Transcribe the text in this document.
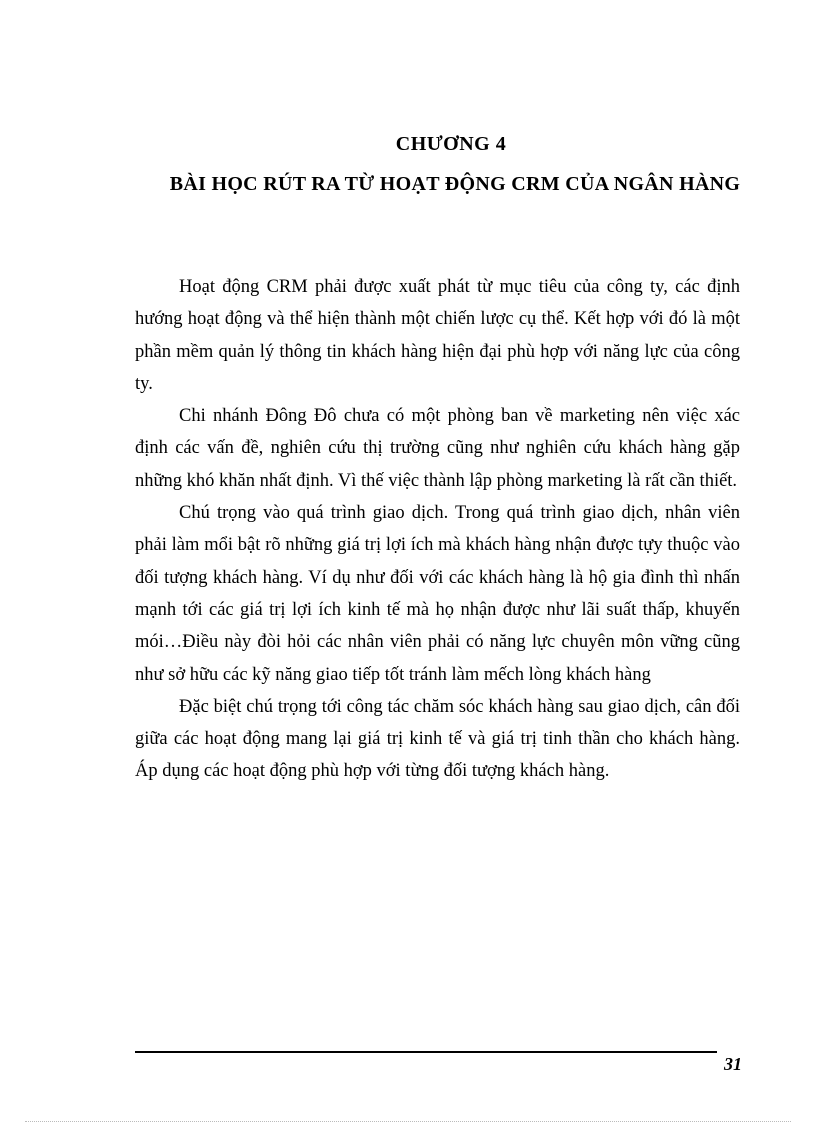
CHƯƠNG 4
BÀI HỌC RÚT RA TỪ HOẠT ĐỘNG CRM CỦA NGÂN HÀNG

Hoạt động CRM phải được xuất phát từ mục tiêu của công ty, các định hướng hoạt động và thể hiện thành một chiến lược cụ thể. Kết hợp với đó là một phần mềm quản lý thông tin khách hàng hiện đại phù hợp với năng lực của công ty.

Chi nhánh Đông Đô chưa có một phòng ban về marketing nên việc xác định các vấn đề, nghiên cứu thị trường cũng như nghiên cứu khách hàng gặp những khó khăn nhất định. Vì thế việc thành lập phòng marketing là rất cần thiết.

Chú trọng vào quá trình giao dịch. Trong quá trình giao dịch, nhân viên phải làm mổi bật rõ những giá trị lợi ích mà khách hàng nhận được tựy thuộc vào đối tượng khách hàng. Ví dụ như đối với các khách hàng là hộ gia đình thì nhấn mạnh tới các giá trị lợi ích kinh tế mà họ nhận được như lãi suất thấp, khuyến mói…Điều này đòi hỏi các nhân viên phải có năng lực chuyên môn vững cũng như sở hữu các kỹ năng giao tiếp tốt tránh làm mếch lòng khách hàng

Đặc biệt chú trọng tới công tác chăm sóc khách hàng sau giao dịch, cân đối giữa các hoạt động mang lại giá trị kinh tế và giá trị tinh thần cho khách hàng. Áp dụng các hoạt động phù hợp với từng đối tượng khách hàng.

31
